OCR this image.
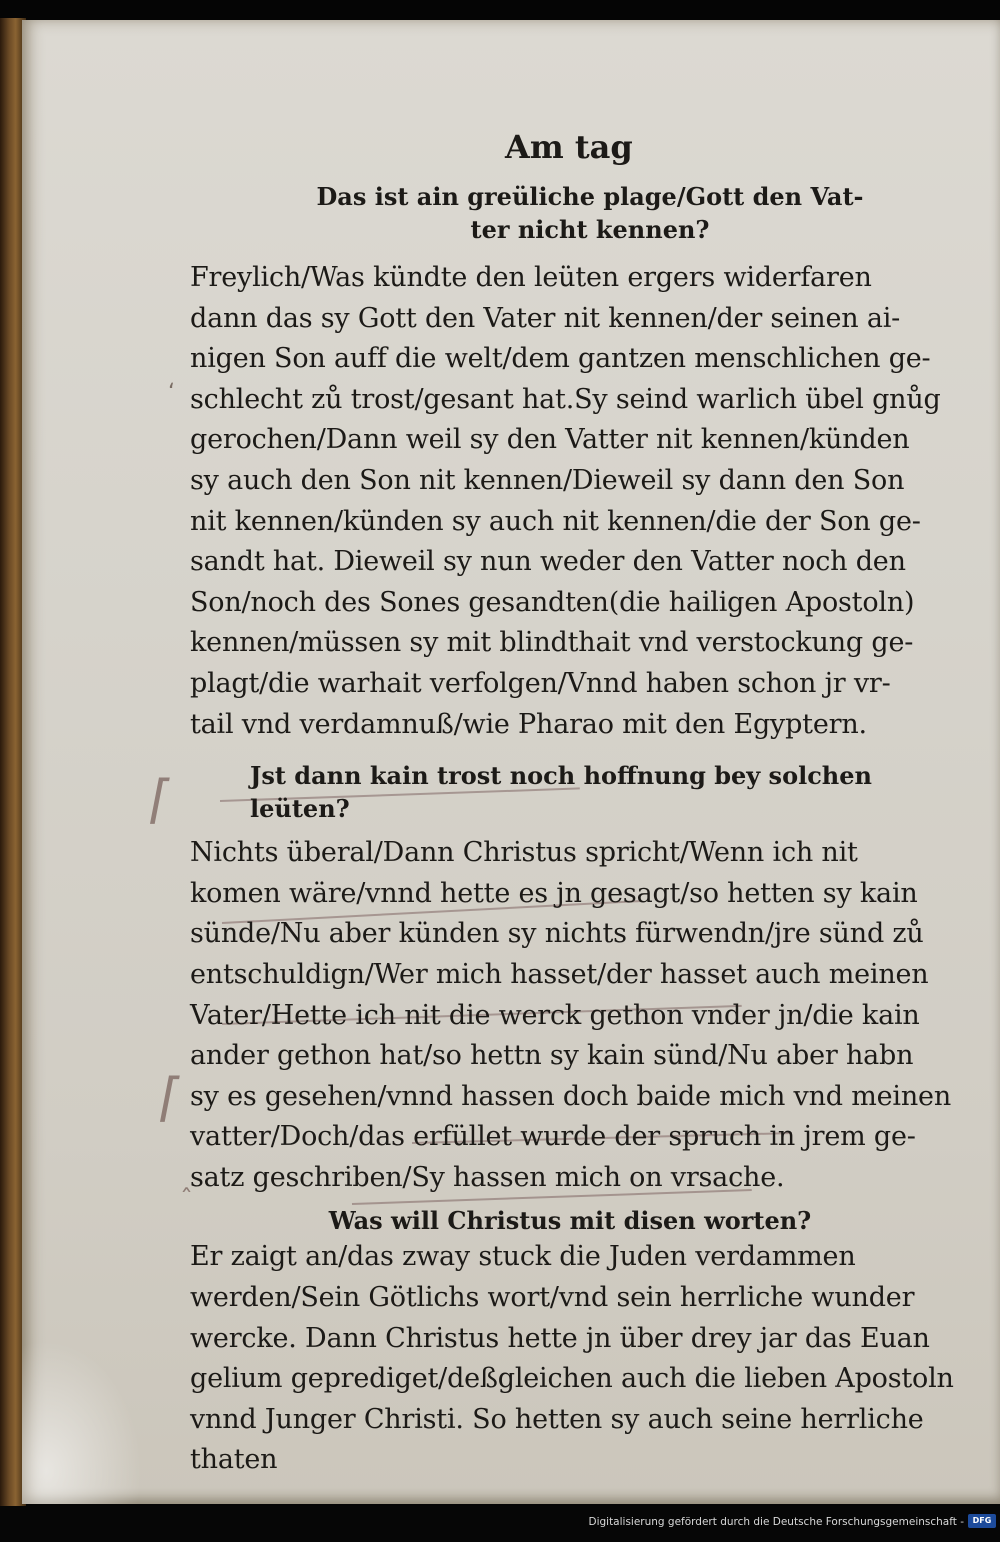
ʻ
⌈
⌈
ˆ
Am tag

Das ist ain greüliche plage/Gott den Vat-
ter nicht kennen?

Freylich/Was kündte den leüten ergers widerfaren
dann das sy Gott den Vater nit kennen/der seinen ai-
nigen Son auff die welt/dem gantzen menschlichen ge-
schlecht zů trost/gesant hat.Sy seind warlich übel gnůg
gerochen/Dann weil sy den Vatter nit kennen/künden
sy auch den Son nit kennen/Dieweil sy dann den Son
nit kennen/künden sy auch nit kennen/die der Son ge-
sandt hat. Dieweil sy nun weder den Vatter noch den
Son/noch des Sones gesandten(die hailigen Apostoln)
kennen/müssen sy mit blindthait vnd verstockung ge-
plagt/die warhait verfolgen/Vnnd haben schon jr vr-
tail vnd verdamnuß/wie Pharao mit den Egyptern.

Jst dann kain trost noch hoffnung bey solchen leüten?

Nichts überal/Dann Christus spricht/Wenn ich nit
komen wäre/vnnd hette es jn gesagt/so hetten sy kain
sünde/Nu aber künden sy nichts fürwendn/jre sünd zů
entschuldign/Wer mich hasset/der hasset auch meinen
Vater/Hette ich nit die werck gethon vnder jn/die kain
ander gethon hat/so hettn sy kain sünd/Nu aber habn
sy es gesehen/vnnd hassen doch baide mich vnd meinen
vatter/Doch/das erfüllet wurde der spruch in jrem ge-
satz geschriben/Sy hassen mich on vrsache.

Was will Christus mit disen worten?

Er zaigt an/das zway stuck die Juden verdammen
werden/Sein Götlichs wort/vnd sein herrliche wunder
wercke. Dann Christus hette jn über drey jar das Euan
gelium geprediget/deßgleichen auch die lieben Apostoln
vnnd Junger Christi. So hetten sy auch seine herrliche
thaten

Digitalisierung gefördert durch die Deutsche Forschungsgemeinschaft -	DFG
